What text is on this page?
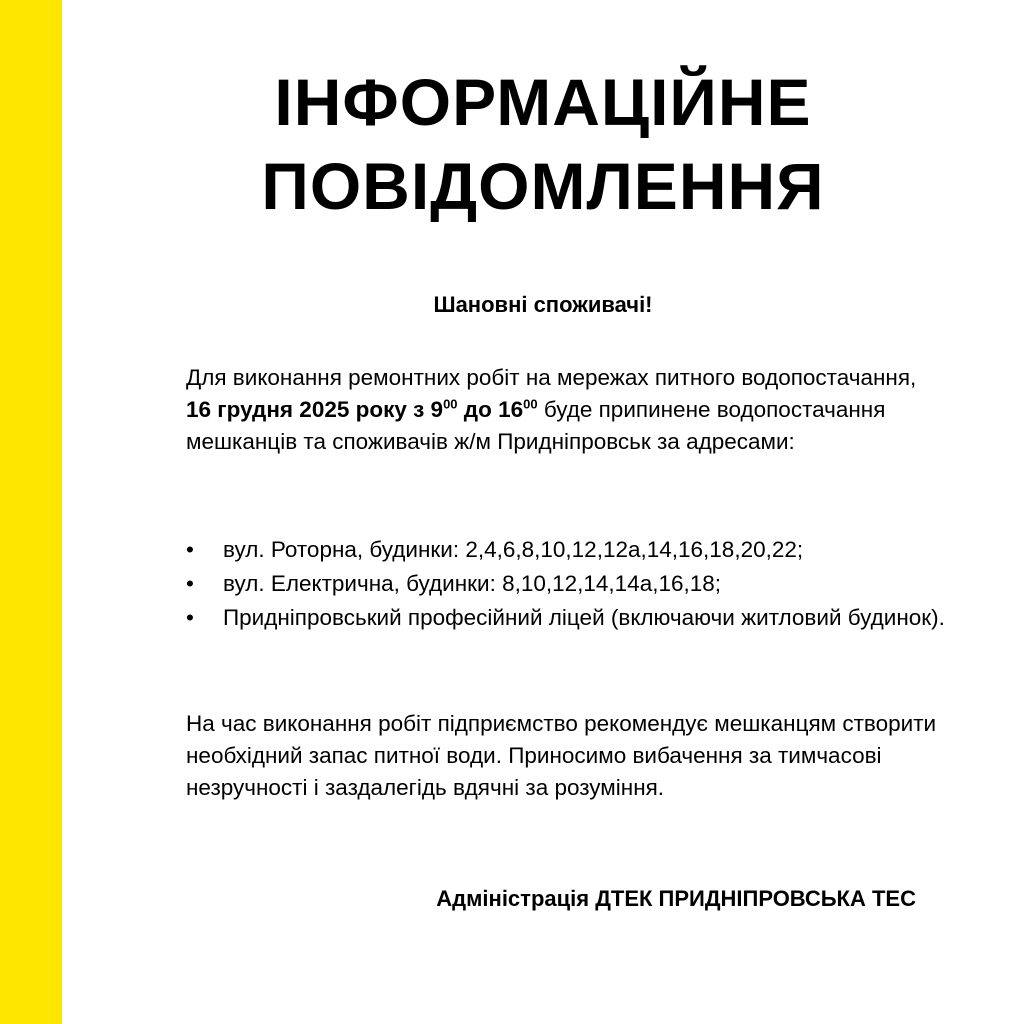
ІНФОРМАЦІЙНЕ
ПОВІДОМЛЕННЯ

Шановні споживачі!

Для виконання ремонтних робіт на мережах питного водопостачання, 16 грудня 2025 року з $9^{00}$ до $16^{00}$ буде припинене водопостачання мешканців та споживачів ж/м Придніпровськ за адресами:

• вул. Роторна, будинки: 2,4,6,8,10,12,12а,14,16,18,20,22;
• вул. Електрична, будинки: 8,10,12,14,14а,16,18;
• Придніпровський професійний ліцей (включаючи житловий будинок).

На час виконання робіт підприємство рекомендує мешканцям створити необхідний запас питної води. Приносимо вибачення за тимчасові незручності і заздалегідь вдячні за розуміння.

Адміністрація ДТЕК ПРИДНІПРОВСЬКА ТЕС
